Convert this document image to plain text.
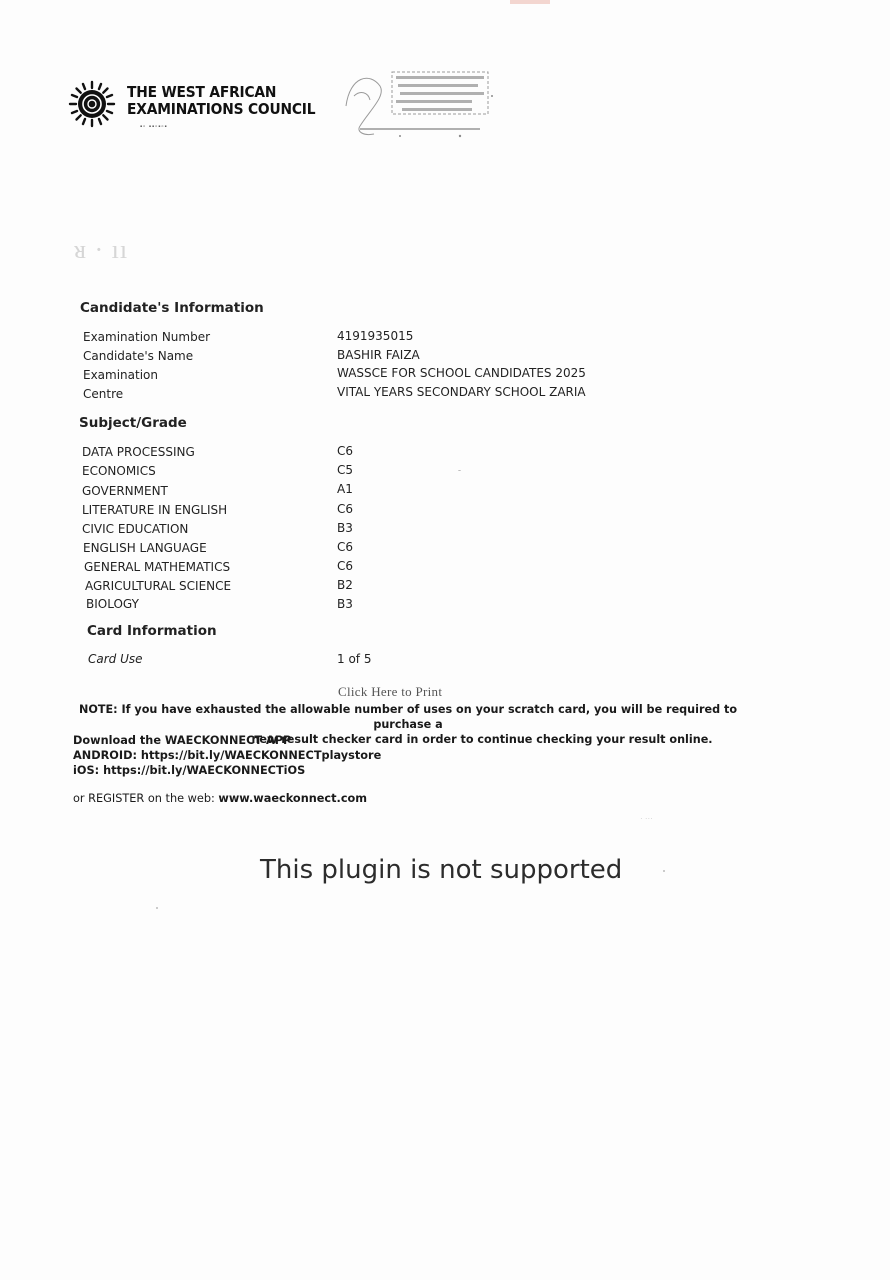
THE WEST AFRICAN
EXAMINATIONS COUNCIL
▪▫ ▪▪▫▪▫▪
ᴚ · ıı
Candidate's Information
Examination Number	4191935015
Candidate's Name	BASHIR FAIZA
Examination	WASSCE FOR SCHOOL CANDIDATES 2025
Centre	VITAL YEARS SECONDARY SCHOOL ZARIA
Subject/Grade
DATA PROCESSING	C6
ECONOMICS	C5
GOVERNMENT	A1
LITERATURE IN ENGLISH	C6
CIVIC EDUCATION	B3
ENGLISH LANGUAGE	C6
GENERAL MATHEMATICS	C6
AGRICULTURAL SCIENCE	B2
BIOLOGY	B3
Card Information
Card Use	1 of 5
Click Here to Print
NOTE: If you have exhausted the allowable number of uses on your scratch card, you will be required to purchase a
new result checker card in order to continue checking your result online.
Download the WAECKONNECT APP
ANDROID: https://bit.ly/WAECKONNECTplaystore
iOS: https://bit.ly/WAECKONNECTiOS
or REGISTER on the web: www.waeckonnect.com
This plugin is not supported
· ···
